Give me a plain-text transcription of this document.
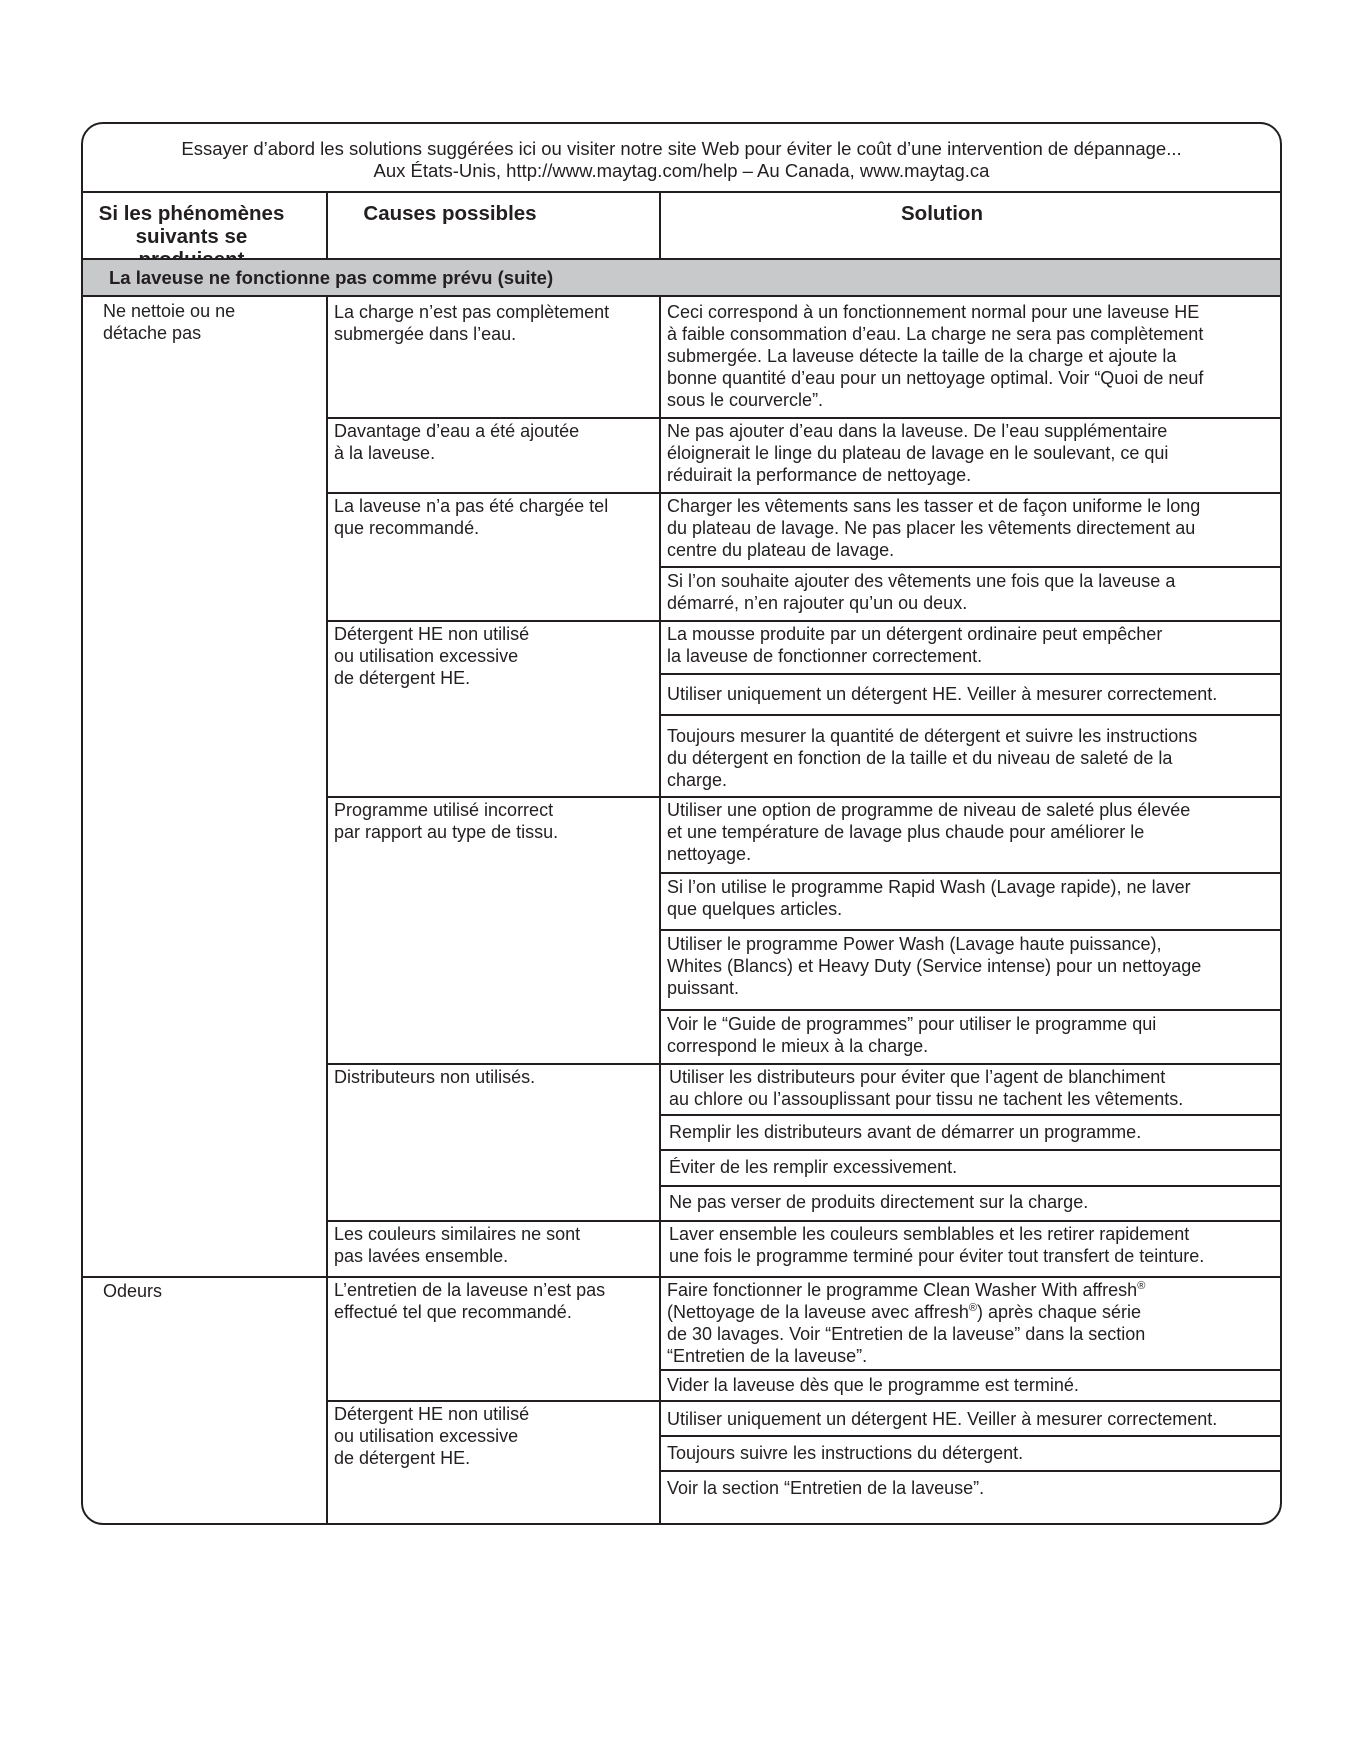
Essayer d’abord les solutions suggérées ici ou visiter notre site Web pour éviter le coût d’une intervention de dépannage...
Aux États-Unis, http://www.maytag.com/help – Au Canada, www.maytag.ca
Si les phénomènes
suivants se
Causes possibles	Solution
La laveuse ne fonctionne pas comme prévu (suite)
Ne nettoie ou ne
détache pas
Odeurs
La charge n’est pas complètement
submergée dans l’eau.
Davantage d’eau a été ajoutée
à la laveuse.
La laveuse n’a pas été chargée tel
que recommandé.
Détergent HE non utilisé
ou utilisation excessive
de détergent HE.
Programme utilisé incorrect
par rapport au type de tissu.
Distributeurs non utilisés.
Les couleurs similaires ne sont
pas lavées ensemble.
L’entretien de la laveuse n’est pas
effectué tel que recommandé.
Détergent HE non utilisé
ou utilisation excessive
de détergent HE.
Ceci correspond à un fonctionnement normal pour une laveuse HE
à faible consommation d’eau. La charge ne sera pas complètement
submergée. La laveuse détecte la taille de la charge et ajoute la
bonne quantité d’eau pour un nettoyage optimal. Voir “Quoi de neuf
sous le courvercle”.
Ne pas ajouter d’eau dans la laveuse. De l’eau supplémentaire
éloignerait le linge du plateau de lavage en le soulevant, ce qui
réduirait la performance de nettoyage.
Charger les vêtements sans les tasser et de façon uniforme le long
du plateau de lavage. Ne pas placer les vêtements directement au
centre du plateau de lavage.
Si l’on souhaite ajouter des vêtements une fois que la laveuse a
démarré, n’en rajouter qu’un ou deux.
La mousse produite par un détergent ordinaire peut empêcher
la laveuse de fonctionner correctement.
Utiliser uniquement un détergent HE. Veiller à mesurer correctement.
Toujours mesurer la quantité de détergent et suivre les instructions
du détergent en fonction de la taille et du niveau de saleté de la
charge.
Utiliser une option de programme de niveau de saleté plus élevée
et une température de lavage plus chaude pour améliorer le
nettoyage.
Si l’on utilise le programme Rapid Wash (Lavage rapide), ne laver
que quelques articles.
Utiliser le programme Power Wash (Lavage haute puissance),
Whites (Blancs) et Heavy Duty (Service intense) pour un nettoyage
puissant.
Voir le “Guide de programmes” pour utiliser le programme qui
correspond le mieux à la charge.
Utiliser les distributeurs pour éviter que l’agent de blanchiment
au chlore ou l’assouplissant pour tissu ne tachent les vêtements.
Remplir les distributeurs avant de démarrer un programme.
Éviter de les remplir excessivement.
Ne pas verser de produits directement sur la charge.
Laver ensemble les couleurs semblables et les retirer rapidement
une fois le programme terminé pour éviter tout transfert de teinture.
Faire fonctionner le programme Clean Washer With affresh®
(Nettoyage de la laveuse avec affresh®) après chaque série
de 30 lavages. Voir “Entretien de la laveuse” dans la section
“Entretien de la laveuse”.
Vider la laveuse dès que le programme est terminé.
Utiliser uniquement un détergent HE. Veiller à mesurer correctement.
Toujours suivre les instructions du détergent.
Voir la section “Entretien de la laveuse”.
